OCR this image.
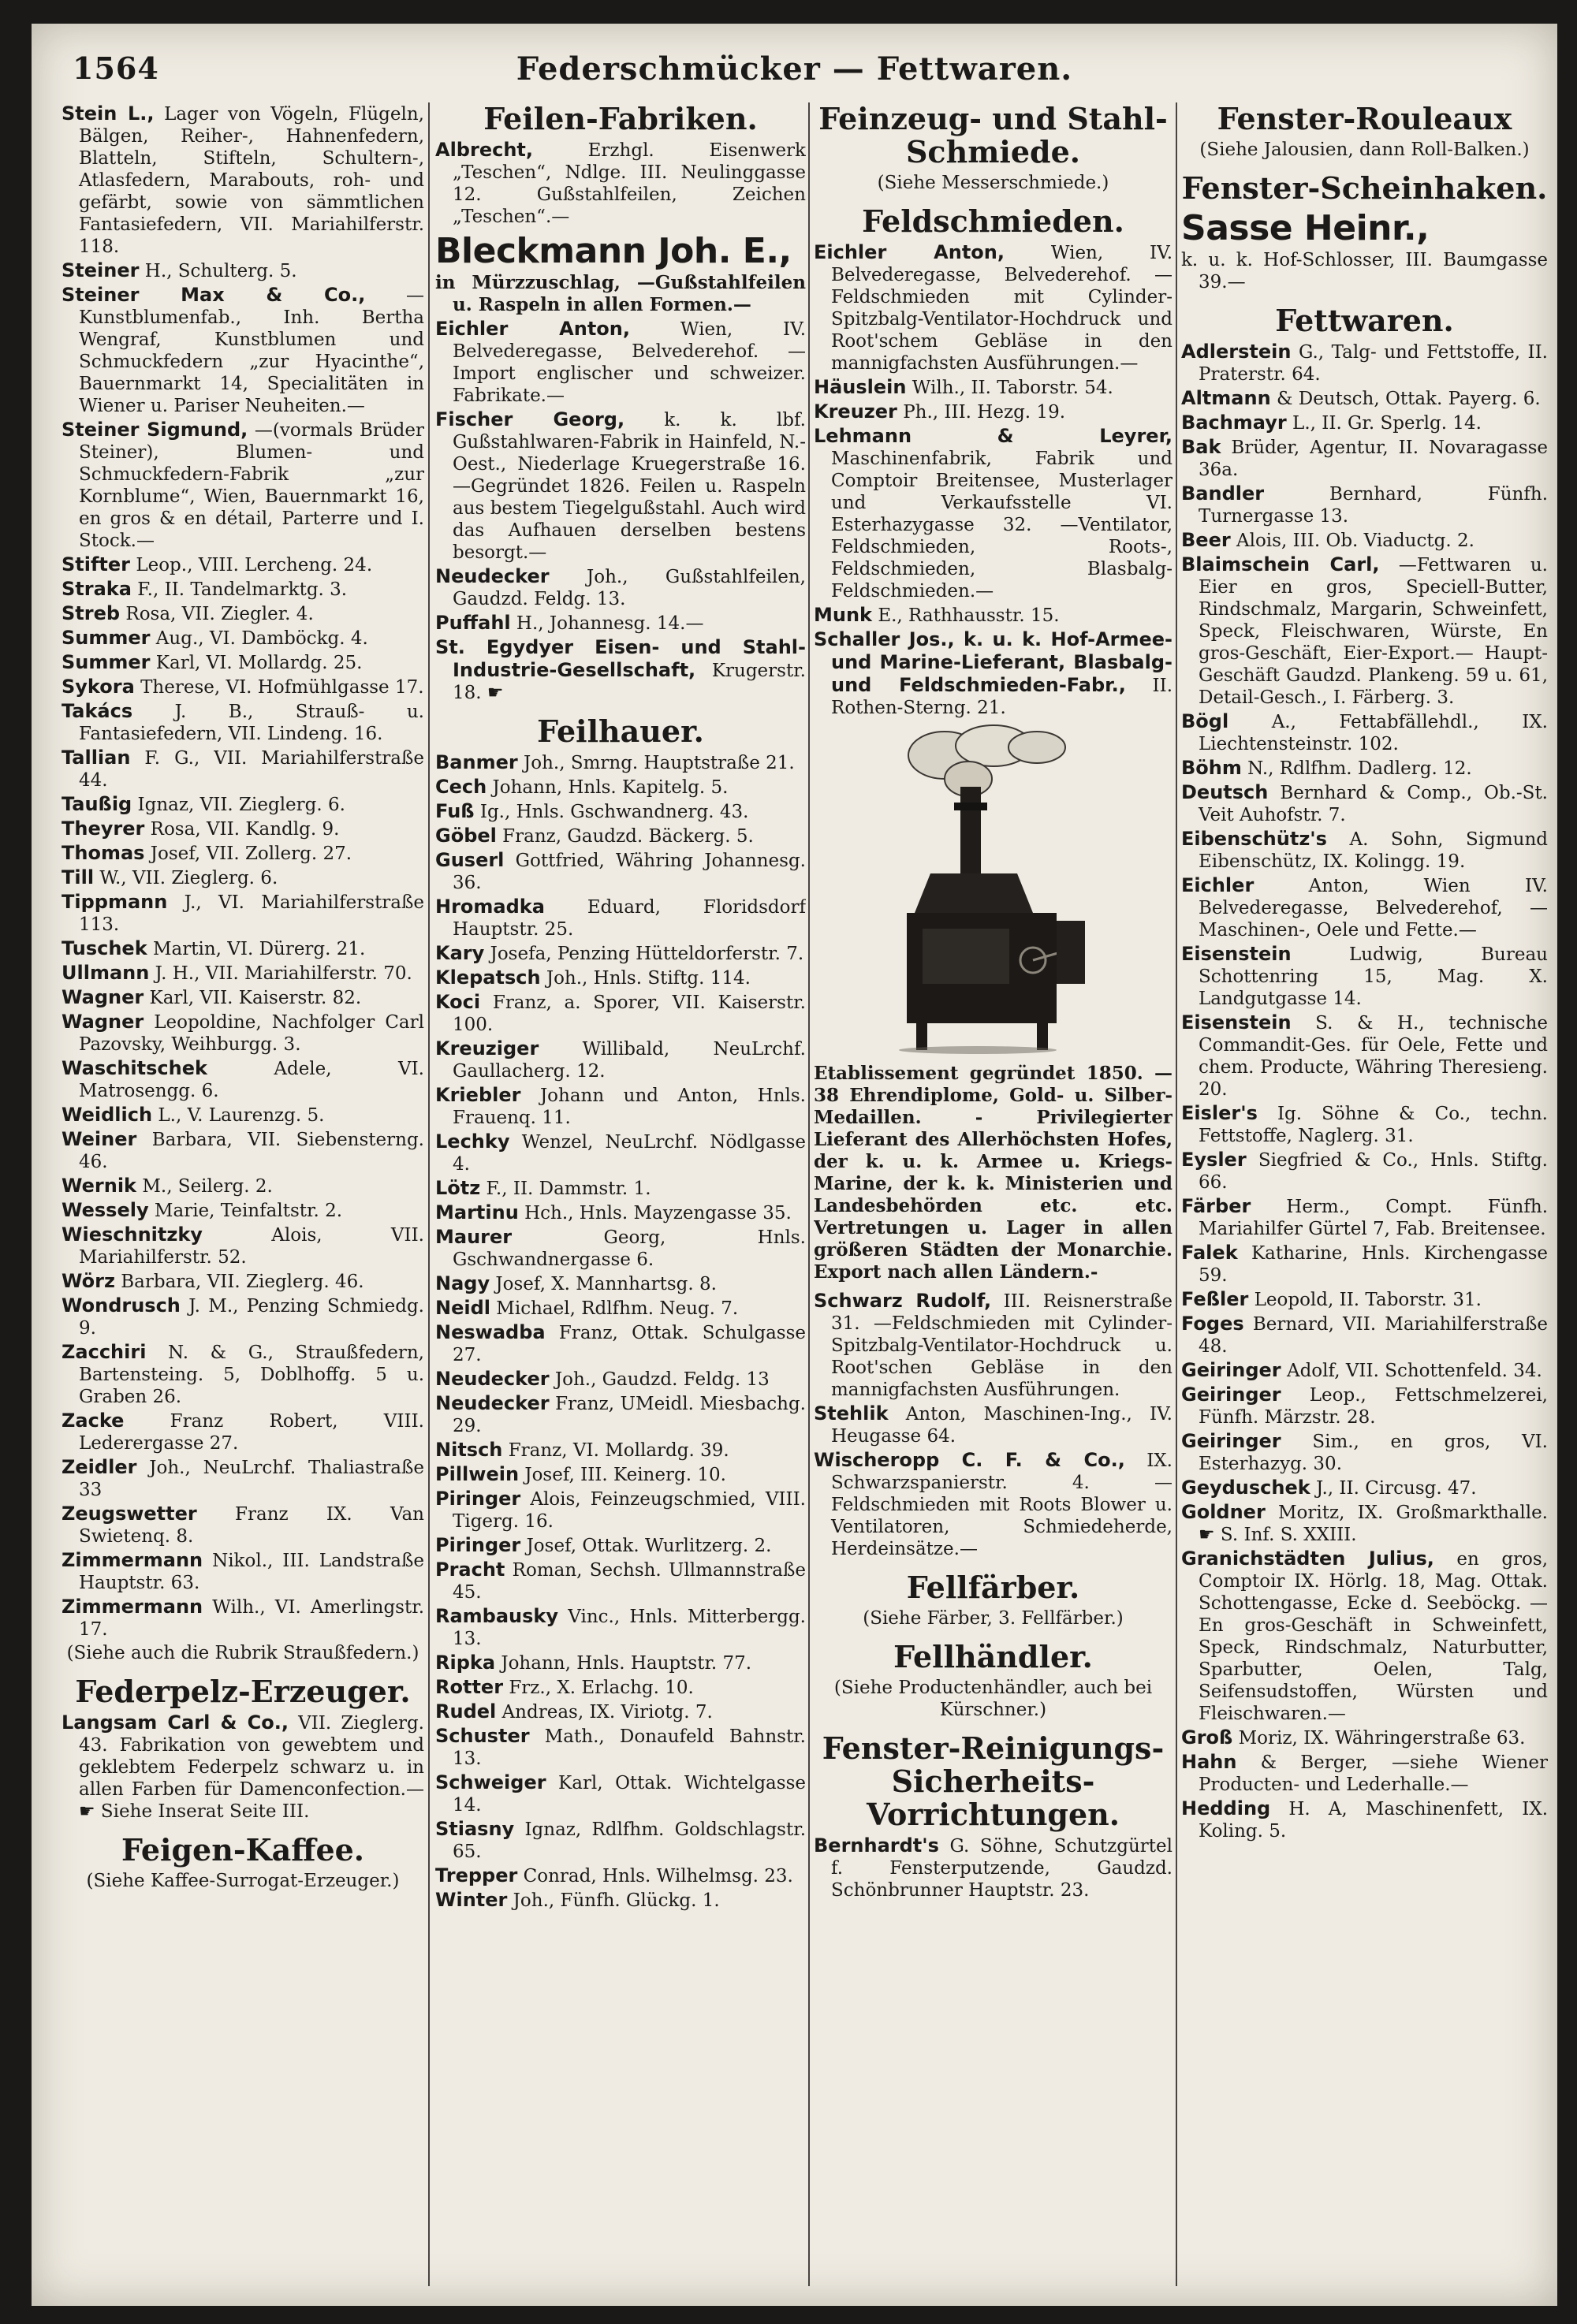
1564	Federschmücker — Fettwaren.

Stein L., Lager von Vögeln, Flügeln, Bälgen, Reiher-, Hahnenfedern, Blatteln, Stifteln, Schultern-, Atlasfedern, Marabouts, roh- und gefärbt, sowie von sämmtlichen Fantasiefedern, VII. Mariahilferstr. 118.

Steiner H., Schulterg. 5.

Steiner Max & Co., —Kunstblumenfab., Inh. Bertha Wengraf, Kunstblumen und Schmuckfedern „zur Hyacinthe“, Bauernmarkt 14, Specialitäten in Wiener u. Pariser Neuheiten.—

Steiner Sigmund, —(vormals Brüder Steiner), Blumen- und Schmuckfedern-Fabrik „zur Kornblume“, Wien, Bauernmarkt 16, en gros & en détail, Parterre und I. Stock.—

Stifter Leop., VIII. Lercheng. 24.

Straka F., II. Tandelmarktg. 3.

Streb Rosa, VII. Ziegler. 4.

Summer Aug., VI. Damböckg. 4.

Summer Karl, VI. Mollardg. 25.

Sykora Therese, VI. Hofmühlgasse 17.

Takács J. B., Strauß- u. Fantasiefedern, VII. Lindeng. 16.

Tallian F. G., VII. Mariahilferstraße 44.

Taußig Ignaz, VII. Zieglerg. 6.

Theyrer Rosa, VII. Kandlg. 9.

Thomas Josef, VII. Zollerg. 27.

Till W., VII. Zieglerg. 6.

Tippmann J., VI. Mariahilferstraße 113.

Tuschek Martin, VI. Dürerg. 21.

Ullmann J. H., VII. Mariahilferstr. 70.

Wagner Karl, VII. Kaiserstr. 82.

Wagner Leopoldine, Nachfolger Carl Pazovsky, Weihburgg. 3.

Waschitschek Adele, VI. Matrosengg. 6.

Weidlich L., V. Laurenzg. 5.

Weiner Barbara, VII. Siebensterng. 46.

Wernik M., Seilerg. 2.

Wessely Marie, Teinfaltstr. 2.

Wieschnitzky Alois, VII. Mariahilferstr. 52.

Wörz Barbara, VII. Zieglerg. 46.

Wondrusch J. M., Penzing Schmiedg. 9.

Zacchiri N. & G., Straußfedern, Bartensteing. 5, Doblhoffg. 5 u. Graben 26.

Zacke Franz Robert, VIII. Lederergasse 27.

Zeidler Joh., NeuLrchf. Thaliastraße 33

Zeugswetter Franz IX. Van Swietenq. 8.

Zimmermann Nikol., III. Landstraße Hauptstr. 63.

Zimmermann Wilh., VI. Amerlingstr. 17.

(Siehe auch die Rubrik Straußfedern.)
Federpelz-Erzeuger.

Langsam Carl & Co., VII. Zieglerg. 43. Fabrikation von gewebtem und geklebtem Federpelz schwarz u. in allen Farben für Damenconfection.— ☛ Siehe Inserat Seite III.

Feigen-Kaffee.
(Siehe Kaffee-Surrogat-Erzeuger.)
Feilen-Fabriken.

Albrecht, Erzhgl. Eisenwerk „Teschen“, Ndlge. III. Neulinggasse 12. Gußstahlfeilen, Zeichen „Teschen“.—

Bleckmann Joh. E.,
in Mürzzuschlag, —Gußstahlfeilen u. Raspeln in allen Formen.—

Eichler Anton, Wien, IV. Belvederegasse, Belvederehof. —Import englischer und schweizer. Fabrikate.—

Fischer Georg, k. k. lbf. Gußstahlwaren-Fabrik in Hainfeld, N.-Oest., Niederlage Kruegerstraße 16. —Gegründet 1826. Feilen u. Raspeln aus bestem Tiegelgußstahl. Auch wird das Aufhauen derselben bestens besorgt.—

Neudecker Joh., Gußstahlfeilen, Gaudzd. Feldg. 13.

Puffahl H., Johannesg. 14.—

St. Egydyer Eisen- und Stahl-Industrie-Gesellschaft, Krugerstr. 18. ☛

Feilhauer.

Banmer Joh., Smrng. Hauptstraße 21.

Cech Johann, Hnls. Kapitelg. 5.

Fuß Ig., Hnls. Gschwandnerg. 43.

Göbel Franz, Gaudzd. Bäckerg. 5.

Guserl Gottfried, Währing Johannesg. 36.

Hromadka Eduard, Floridsdorf Hauptstr. 25.

Kary Josefa, Penzing Hütteldorferstr. 7.

Klepatsch Joh., Hnls. Stiftg. 114.

Koci Franz, a. Sporer, VII. Kaiserstr. 100.

Kreuziger Willibald, NeuLrchf. Gaullacherg. 12.

Kriebler Johann und Anton, Hnls. Frauenq. 11.

Lechky Wenzel, NeuLrchf. Nödlgasse 4.

Lötz F., II. Dammstr. 1.

Martinu Hch., Hnls. Mayzengasse 35.

Maurer Georg, Hnls. Gschwandnergasse 6.

Nagy Josef, X. Mannhartsg. 8.

Neidl Michael, Rdlfhm. Neug. 7.

Neswadba Franz, Ottak. Schulgasse 27.

Neudecker Joh., Gaudzd. Feldg. 13

Neudecker Franz, UMeidl. Miesbachg. 29.

Nitsch Franz, VI. Mollardg. 39.

Pillwein Josef, III. Keinerg. 10.

Piringer Alois, Feinzeugschmied, VIII. Tigerg. 16.

Piringer Josef, Ottak. Wurlitzerg. 2.

Pracht Roman, Sechsh. Ullmannstraße 45.

Rambausky Vinc., Hnls. Mitterbergg. 13.

Ripka Johann, Hnls. Hauptstr. 77.

Rotter Frz., X. Erlachg. 10.

Rudel Andreas, IX. Viriotg. 7.

Schuster Math., Donaufeld Bahnstr. 13.

Schweiger Karl, Ottak. Wichtelgasse 14.

Stiasny Ignaz, Rdlfhm. Goldschlagstr. 65.

Trepper Conrad, Hnls. Wilhelmsg. 23.

Winter Joh., Fünfh. Glückg. 1.

Feinzeug- und Stahl-Schmiede.
(Siehe Messerschmiede.)
Feldschmieden.

Eichler Anton, Wien, IV. Belvederegasse, Belvederehof. —Feldschmieden mit Cylinder-Spitzbalg-Ventilator-Hochdruck und Root'schem Gebläse in den mannigfachsten Ausführungen.—

Häuslein Wilh., II. Taborstr. 54.

Kreuzer Ph., III. Hezg. 19.

Lehmann & Leyrer, Maschinenfabrik, Fabrik und Comptoir Breitensee, Musterlager und Verkaufsstelle VI. Esterhazygasse 32. —Ventilator, Feldschmieden, Roots-, Feldschmieden, Blasbalg-Feldschmieden.—

Munk E., Rathhausstr. 15.

Schaller Jos., k. u. k. Hof-Armee- und Marine-Lieferant, Blasbalg- und Feldschmieden-Fabr., II. Rothen-Sterng. 21.

Etablissement gegründet 1850. — 38 Ehrendiplome, Gold- u. Silber-Medaillen. - Privilegierter Lieferant des Allerhöchsten Hofes, der k. u. k. Armee u. Kriegs-Marine, der k. k. Ministerien und Landesbehörden etc. etc. Vertretungen u. Lager in allen größeren Städten der Monarchie. Export nach allen Ländern.-

Schwarz Rudolf, III. Reisnerstraße 31. —Feldschmieden mit Cylinder-Spitzbalg-Ventilator-Hochdruck u. Root'schen Gebläse in den mannigfachsten Ausführungen.

Stehlik Anton, Maschinen-Ing., IV. Heugasse 64.

Wischeropp C. F. & Co., IX. Schwarzspanierstr. 4. —Feldschmieden mit Roots Blower u. Ventilatoren, Schmiedeherde, Herdeinsätze.—

Fellfärber.
(Siehe Färber, 3. Fellfärber.)
Fellhändler.
(Siehe Productenhändler, auch bei Kürschner.)
Fenster-Reinigungs-Sicherheits-Vorrichtungen.

Bernhardt's G. Söhne, Schutzgürtel f. Fensterputzende, Gaudzd. Schönbrunner Hauptstr. 23.

Fenster-Rouleaux
(Siehe Jalousien, dann Roll-Balken.)
Fenster-Scheinhaken.
Sasse Heinr.,
k. u. k. Hof-Schlosser, III. Baumgasse 39.—
Fettwaren.

Adlerstein G., Talg- und Fettstoffe, II. Praterstr. 64.

Altmann & Deutsch, Ottak. Payerg. 6.

Bachmayr L., II. Gr. Sperlg. 14.

Bak Brüder, Agentur, II. Novaragasse 36a.

Bandler Bernhard, Fünfh. Turnergasse 13.

Beer Alois, III. Ob. Viaductg. 2.

Blaimschein Carl, —Fettwaren u. Eier en gros, Speciell-Butter, Rindschmalz, Margarin, Schweinfett, Speck, Fleischwaren, Würste, En gros-Geschäft, Eier-Export.— Haupt-Geschäft Gaudzd. Plankeng. 59 u. 61, Detail-Gesch., I. Färberg. 3.

Bögl A., Fettabfällehdl., IX. Liechtensteinstr. 102.

Böhm N., Rdlfhm. Dadlerg. 12.

Deutsch Bernhard & Comp., Ob.-St. Veit Auhofstr. 7.

Eibenschütz's A. Sohn, Sigmund Eibenschütz, IX. Kolingg. 19.

Eichler Anton, Wien IV. Belvederegasse, Belvederehof, —Maschinen-, Oele und Fette.—

Eisenstein Ludwig, Bureau Schottenring 15, Mag. X. Landgutgasse 14.

Eisenstein S. & H., technische Commandit-Ges. für Oele, Fette und chem. Producte, Währing Theresieng. 20.

Eisler's Ig. Söhne & Co., techn. Fettstoffe, Naglerg. 31.

Eysler Siegfried & Co., Hnls. Stiftg. 66.

Färber Herm., Compt. Fünfh. Mariahilfer Gürtel 7, Fab. Breitensee.

Falek Katharine, Hnls. Kirchengasse 59.

Feßler Leopold, II. Taborstr. 31.

Foges Bernard, VII. Mariahilferstraße 48.

Geiringer Adolf, VII. Schottenfeld. 34.

Geiringer Leop., Fettschmelzerei, Fünfh. Märzstr. 28.

Geiringer Sim., en gros, VI. Esterhazyg. 30.

Geyduschek J., II. Circusg. 47.

Goldner Moritz, IX. Großmarkthalle. ☛ S. Inf. S. XXIII.

Granichstädten Julius, en gros, Comptoir IX. Hörlg. 18, Mag. Ottak. Schottengasse, Ecke d. Seeböckg. —En gros-Geschäft in Schweinfett, Speck, Rindschmalz, Naturbutter, Sparbutter, Oelen, Talg, Seifensudstoffen, Würsten und Fleischwaren.—

Groß Moriz, IX. Währingerstraße 63.

Hahn & Berger, —siehe Wiener Producten- und Lederhalle.—

Hedding H. A, Maschinenfett, IX. Koling. 5.
